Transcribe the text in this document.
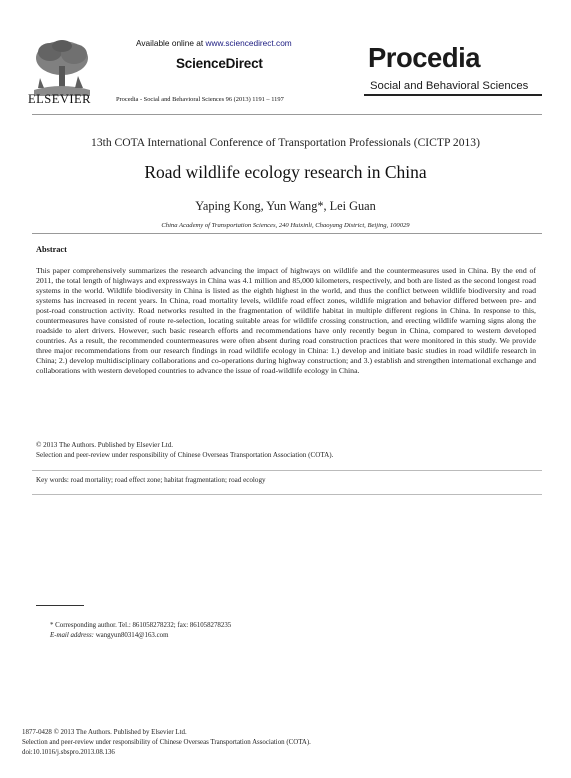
ELSEVIER
Available online at www.sciencedirect.com
ScienceDirect
Procedia - Social and Behavioral Sciences 96 (2013) 1191 – 1197
Procedia
Social and Behavioral Sciences
13th COTA International Conference of Transportation Professionals (CICTP 2013)
Road wildlife ecology research in China
Yaping Kong, Yun Wang*, Lei Guan
China Academy of Transportation Sciences, 240 Huixinli, Chaoyang District, Beijing, 100029
Abstract
This paper comprehensively summarizes the research advancing the impact of highways on wildlife and the countermeasures used in China. By the end of 2011, the total length of highways and expressways in China was 4.1 million and 85,000 kilometers, respectively, and both are listed as the second longest road systems in the world. Wildlife biodiversity in China is listed as the eighth highest in the world, and thus the conflict between wildlife biodiversity and road systems has increased in recent years. In China, road mortality levels, wildlife road effect zones, wildlife migration and behavior differed between pre- and post-road construction activity. Road networks resulted in the fragmentation of wildlife habitat in multiple different regions in China. In response to this, countermeasures have consisted of route re-selection, locating suitable areas for wildlife crossing construction, and erecting wildlife warning signs along the roadside to alert drivers. However, such basic research efforts and recommendations have only recently begun in China, compared to western developed countries. As a result, the recommended countermeasures were often absent during road construction practices that were monitored in this study. We provide three major recommendations from our research findings in road wildlife ecology in China: 1.) develop and initiate basic studies in road wildlife research in China; 2.) develop multidisciplinary collaborations and co-operations during highway construction; and 3.) establish and strengthen international exchange and collaborations with western developed countries to advance the issue of road-wildlife ecology in China.
© 2013 The Authors. Published by Elsevier Ltd.
Selection and peer-review under responsibility of Chinese Overseas Transportation Association (COTA).
Key words: road mortality; road effect zone; habitat fragmentation; road ecology
* Corresponding author. Tel.: 861058278232; fax: 861058278235
E-mail address: wangyun80314@163.com
1877-0428 © 2013 The Authors. Published by Elsevier Ltd.
Selection and peer-review under responsibility of Chinese Overseas Transportation Association (COTA).
doi:10.1016/j.sbspro.2013.08.136
